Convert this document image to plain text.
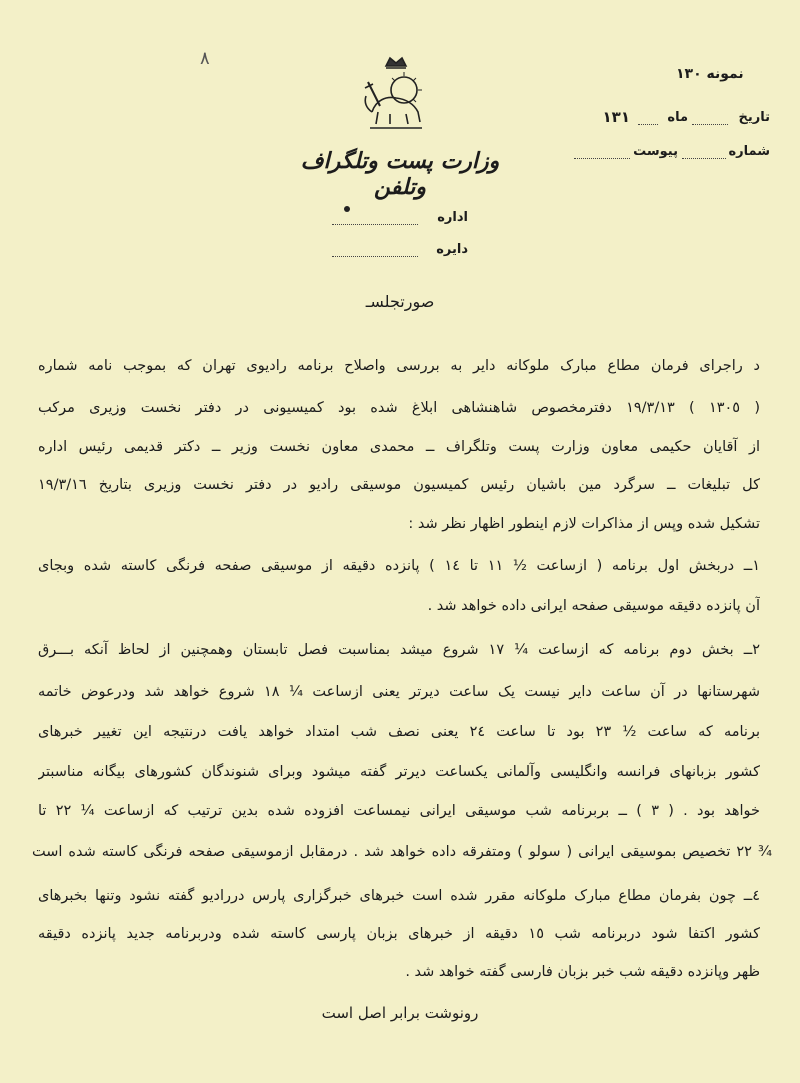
٨
نمونه ١٣٠
تاریخ
ماه
١٣١
شماره
پیوست
وزارت پست وتلگراف وتلفن
اداره
دایره
صورتجلسـ
د راجرای فرمان مطاع مبارک ملوکانه دایر به بررسی واصلاح برنامه رادیوی تهران که بموجب نامه شماره
( ١٣٠٥ ) ١٩/٣/١٣ دفترمخصوص شاهنشاهی ابلاغ شده بود کمیسیونی در دفتر نخست وزیری مرکب
از آقایان حکیمی معاون وزارت پست وتلگراف ــ محمدی معاون نخست وزیر ــ دکتر قدیمی رئیس اداره
کل تبلیغات ــ سرگرد مین باشیان رئیس کمیسیون موسیقی رادیو در دفتر نخست وزیری بتاریخ ١٩/٣/١٦
تشکیل شده وپس از مذاکرات لازم اینطور اظهار نظر شد :
١ــ دربخش اول برنامه ( ازساعت ½ ١١ تا ١٤ ) پانزده دقیقه از موسیقی صفحه فرنگی کاسته شده وبجای
آن پانزده دقیقه موسیقی صفحه ایرانی داده خواهد شد .
٢ــ بخش دوم برنامه که ازساعت ¼ ١٧ شروع میشد بمناسبت فصل تابستان وهمچنین از لحاظ آنکه بـــرق
شهرستانها در آن ساعت دایر نیست یک ساعت دیرتر یعنی ازساعت ¼ ١٨ شروع خواهد شد ودرعوض خاتمه
برنامه که ساعت ½ ٢٣ بود تا ساعت ٢٤ یعنی نصف شب امتداد خواهد یافت درنتیجه این تغییر خبرهای
کشور بزبانهای فرانسه وانگلیسی وآلمانی یکساعت دیرتر گفته میشود وبرای شنوندگان کشورهای بیگانه مناسبتر
خواهد بود . ( ٣ ) ــ بربرنامه شب موسیقی ایرانی نیمساعت افزوده شده بدین ترتیب که ازساعت ¼ ٢٢ تا
¾ ٢٢ تخصیص بموسیقی ایرانی ( سولو ) ومتفرقه داده خواهد شد . درمقابل ازموسیقی صفحه فرنگی کاسته شده است
٤ــ چون بفرمان مطاع مبارک ملوکانه مقرر شده است خبرهای خبرگزاری پارس دررادیو گفته نشود وتنها بخبرهای
کشور اکتفا شود دربرنامه شب ١٥ دقیقه از خبرهای بزبان پارسی کاسته شده ودربرنامه جدید پانزده دقیقه
ظهر وپانزده دقیقه شب خبر بزبان فارسی گفته خواهد شد .
رونوشت برابر اصل است
